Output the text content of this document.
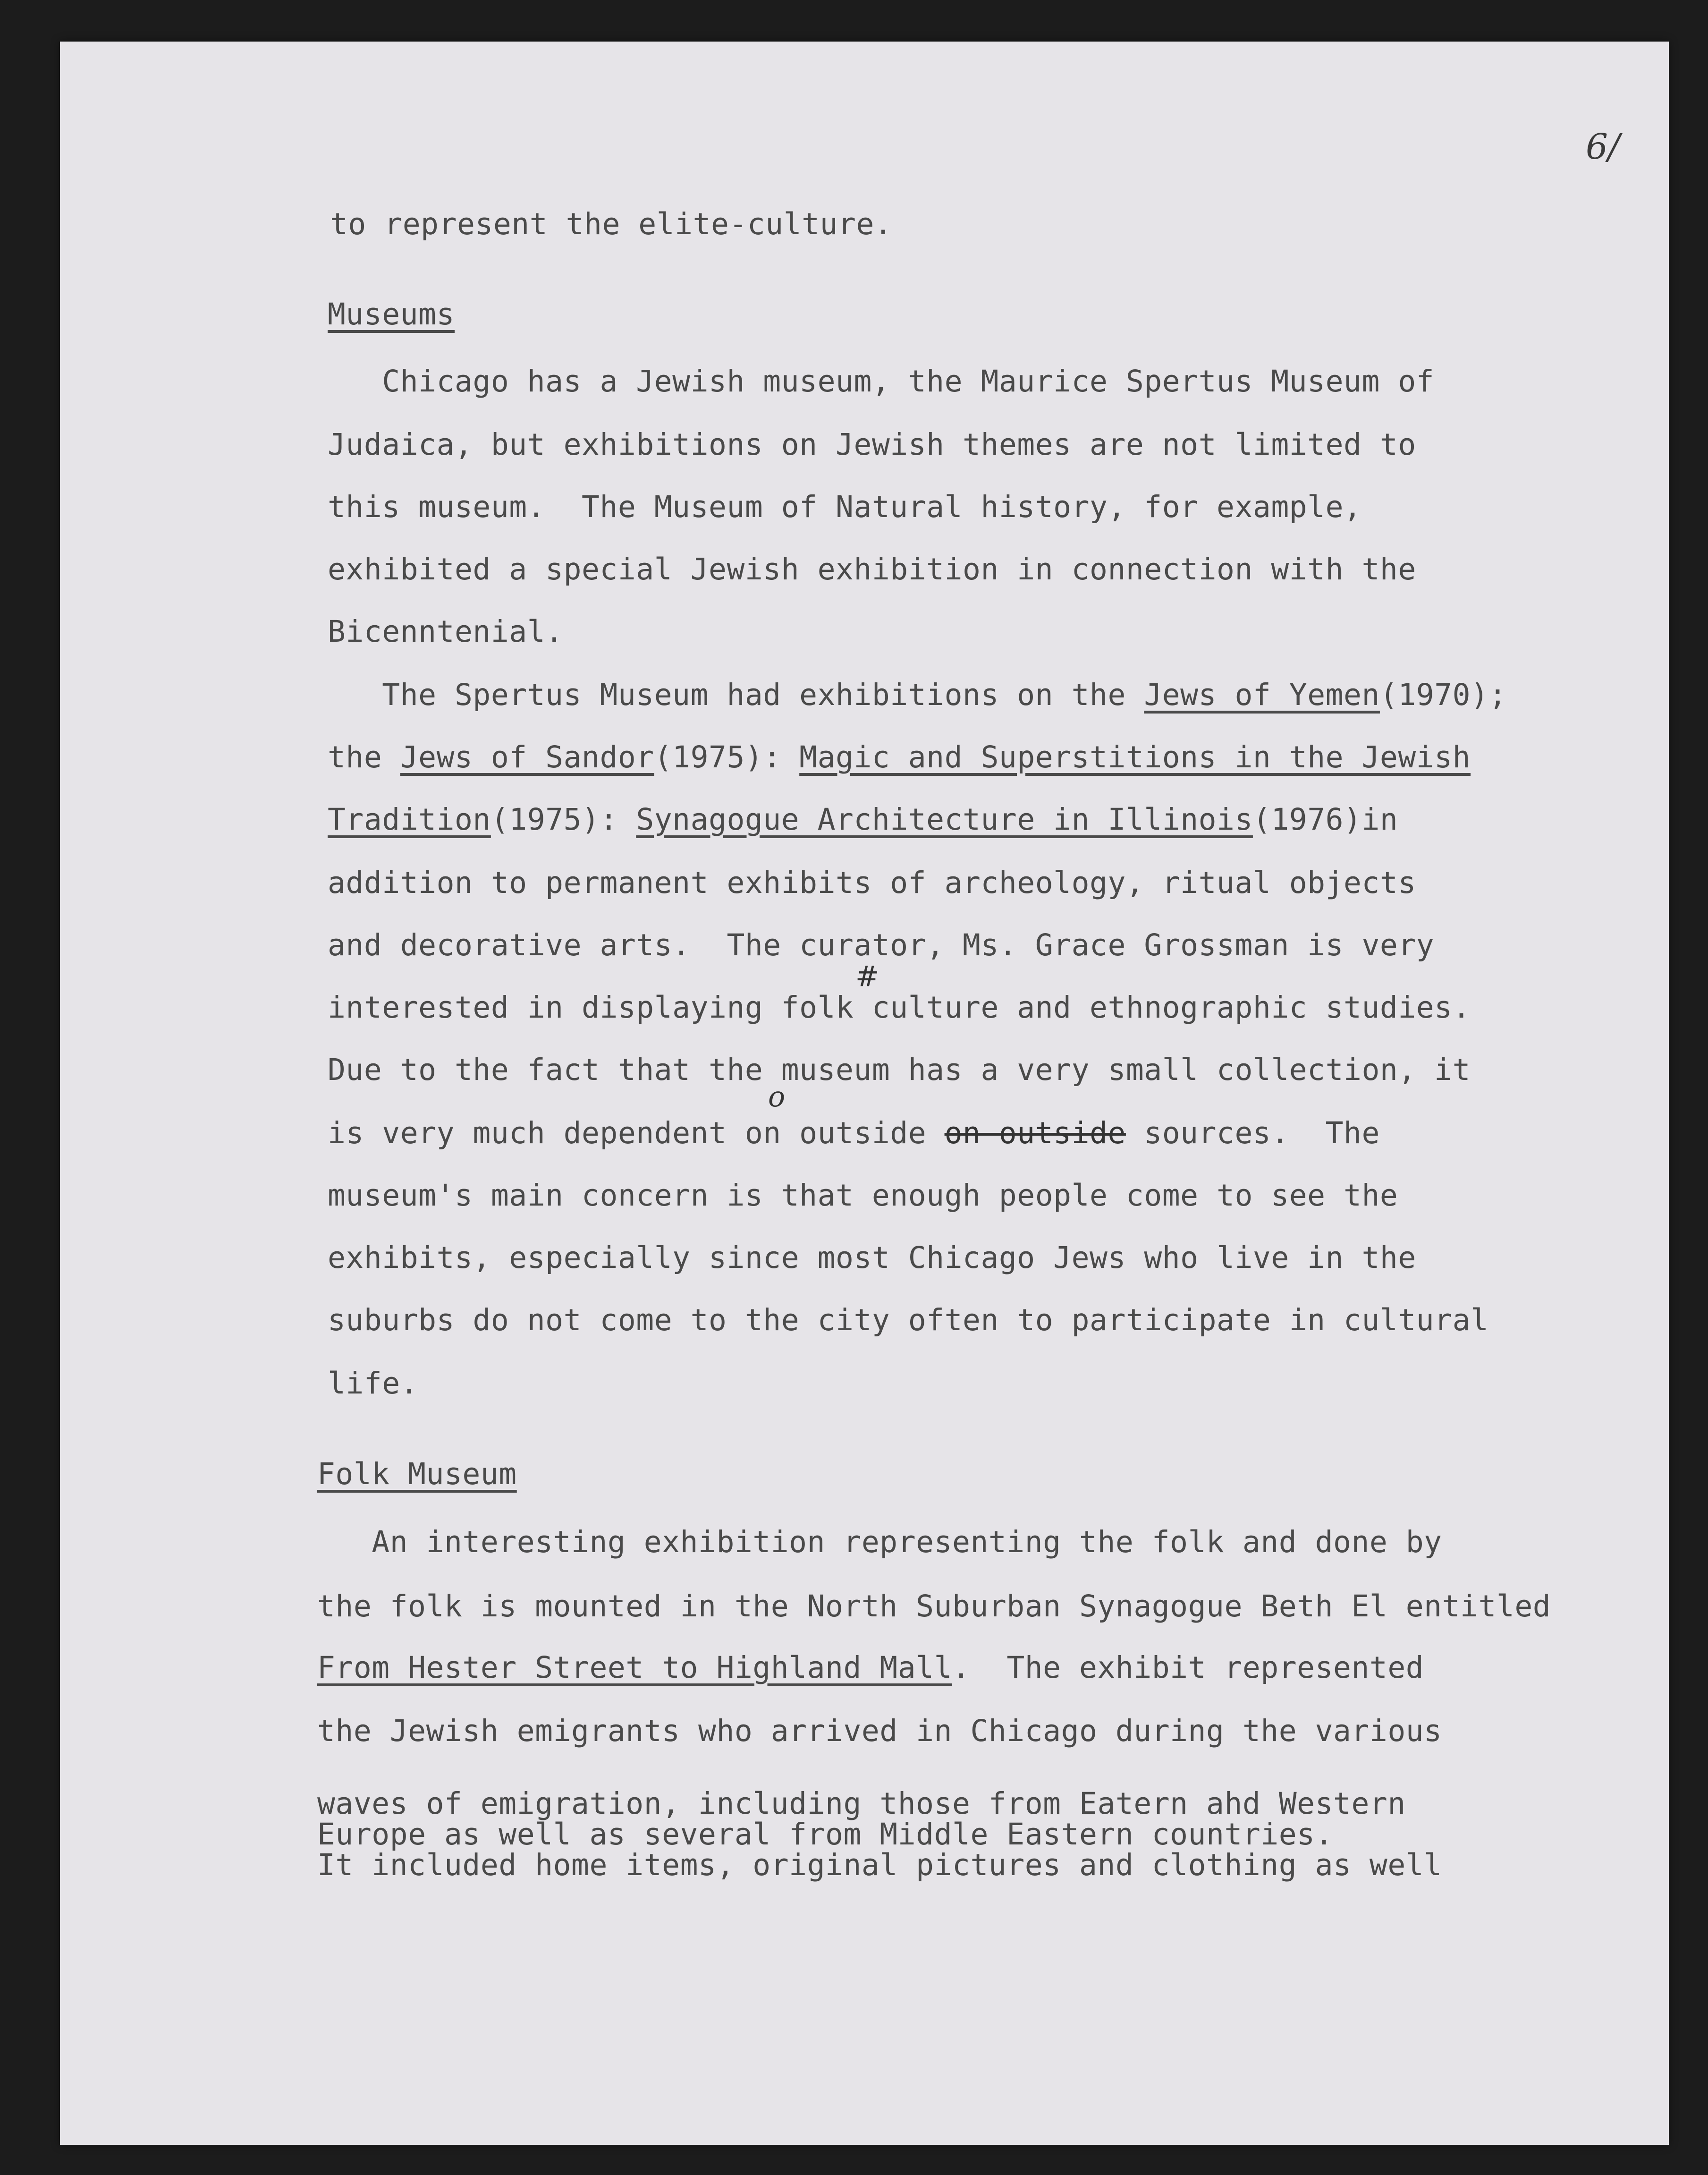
6/
to represent the elite-culture.
Museums
Chicago has a Jewish museum, the Maurice Spertus Museum of
Judaica, but exhibitions on Jewish themes are not limited to
this museum.  The Museum of Natural history, for example,
exhibited a special Jewish exhibition in connection with the
Bicenntenial.
The Spertus Museum had exhibitions on the Jews of Yemen(1970);
the Jews of Sandor(1975): Magic and Superstitions in the Jewish
Tradition(1975): Synagogue Architecture in Illinois(1976)in
addition to permanent exhibits of archeology, ritual objects
and decorative arts.  The curator, Ms. Grace Grossman is very
interested in displaying folk culture and ethnographic studies.
#
Due to the fact that the museum has a very small collection, it
is very much dependent on outside on outside sources.  The
o
museum's main concern is that enough people come to see the
exhibits, especially since most Chicago Jews who live in the
suburbs do not come to the city often to participate in cultural
life.
Folk Museum
An interesting exhibition representing the folk and done by
the folk is mounted in the North Suburban Synagogue Beth El entitled
From Hester Street to Highland Mall.  The exhibit represented
the Jewish emigrants who arrived in Chicago during the various
waves of emigration, including those from Eatern ahd Western
Europe as well as several from Middle Eastern countries.
It included home items, original pictures and clothing as well
